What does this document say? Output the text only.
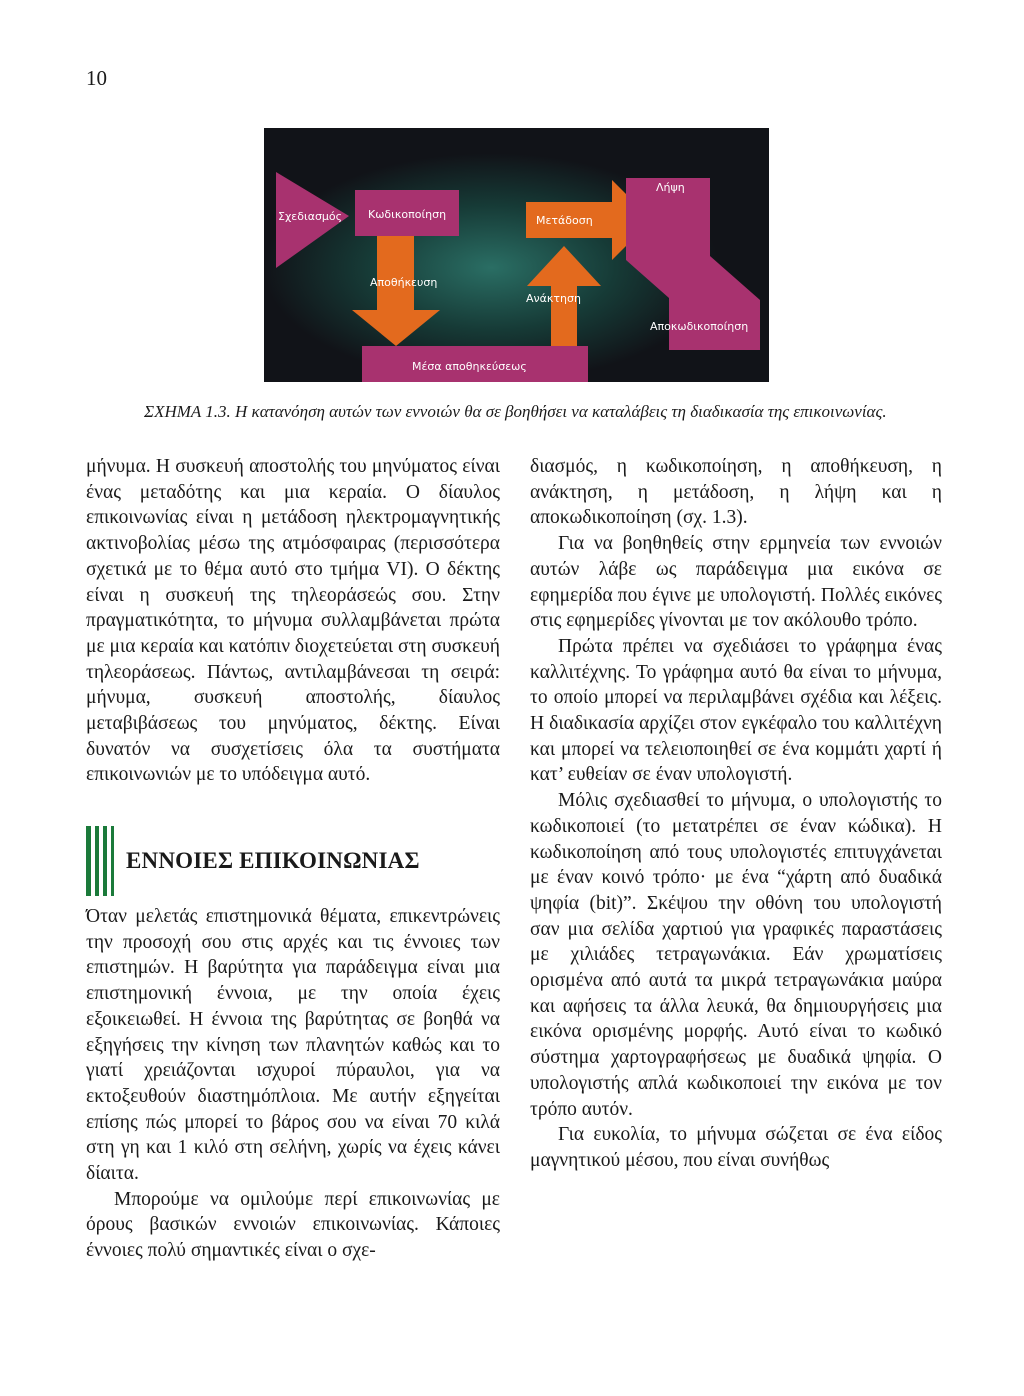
10
Σχεδιασμός Κωδικοποίηση	Μετάδοση
Λήψη
Αποθήκευση
Ανάκτηση
Αποκωδικοποίηση
Μέσα αποθηκεύσεως
ΣΧΗΜΑ 1.3. Η κατανόηση αυτών των εννοιών θα σε βοηθήσει να καταλάβεις τη διαδικασία της επικοινωνίας.

μήνυμα. Η συσκευή αποστολής του μηνύματος είναι ένας μεταδότης και μια κεραία. Ο δίαυλος επικοινωνίας είναι η μετάδοση ηλεκτρομαγνητικής ακτινοβολίας μέσω της ατμόσφαιρας (περισσότερα σχετικά με το θέμα αυτό στο τμήμα VI). Ο δέκτης είναι η συσκευή της τηλεοράσεώς σου. Στην πραγματικότητα, το μήνυμα συλλαμβάνεται πρώτα με μια κεραία και κατόπιν διοχετεύεται στη συσκευή τηλεοράσεως. Πάντως, αντιλαμβάνεσαι τη σειρά: μήνυμα, συσκευή αποστολής, δίαυλος μεταβιβάσεως του μηνύματος, δέκτης. Είναι δυνατόν να συσχετίσεις όλα τα συστήματα επικοινωνιών με το υπόδειγμα αυτό.

ΕΝΝΟΙΕΣ ΕΠΙΚΟΙΝΩΝΙΑΣ

Όταν μελετάς επιστημονικά θέματα, επικεντρώνεις την προσοχή σου στις αρχές και τις έννοιες των επιστημών. Η βαρύτητα για παράδειγμα είναι μια επιστημονική έννοια, με την οποία έχεις εξοικειωθεί. Η έννοια της βαρύτητας σε βοηθά να εξηγήσεις την κίνηση των πλανητών καθώς και το γιατί χρειάζονται ισχυροί πύραυλοι, για να εκτοξευθούν διαστημόπλοια. Με αυτήν εξηγείται επίσης πώς μπορεί το βάρος σου να είναι 70 κιλά στη γη και 1 κιλό στη σελήνη, χωρίς να έχεις κάνει δίαιτα.

Μπορούμε να ομιλούμε περί επικοινωνίας με όρους βασικών εννοιών επικοινωνίας. Κάποιες έννοιες πολύ σημαντικές είναι ο σχε-

διασμός, η κωδικοποίηση, η αποθήκευση, η ανάκτηση, η μετάδοση, η λήψη και η αποκωδικοποίηση (σχ. 1.3).

Για να βοηθηθείς στην ερμηνεία των εννοιών αυτών λάβε ως παράδειγμα μια εικόνα σε εφημερίδα που έγινε με υπολογιστή. Πολλές εικόνες στις εφημερίδες γίνονται με τον ακόλουθο τρόπο.

Πρώτα πρέπει να σχεδιάσει το γράφημα ένας καλλιτέχνης. Το γράφημα αυτό θα είναι το μήνυμα, το οποίο μπορεί να περιλαμβάνει σχέδια και λέξεις. Η διαδικασία αρχίζει στον εγκέφαλο του καλλιτέχνη και μπορεί να τελειοποιηθεί σε ένα κομμάτι χαρτί ή κατ’ ευθείαν σε έναν υπολογιστή.

Μόλις σχεδιασθεί το μήνυμα, ο υπολογιστής το κωδικοποιεί (το μετατρέπει σε έναν κώδικα). Η κωδικοποίηση από τους υπολογιστές επιτυγχάνεται με έναν κοινό τρόπο· με ένα “χάρτη από δυαδικά ψηφία (bit)”. Σκέψου την οθόνη του υπολογιστή σαν μια σελίδα χαρτιού για γραφικές παραστάσεις με χιλιάδες τετραγωνάκια. Εάν χρωματίσεις ορισμένα από αυτά τα μικρά τετραγωνάκια μαύρα και αφήσεις τα άλλα λευκά, θα δημιουργήσεις μια εικόνα ορισμένης μορφής. Αυτό είναι το κωδικό σύστημα χαρτογραφήσεως με δυαδικά ψηφία. Ο υπολογιστής απλά κωδικοποιεί την εικόνα με τον τρόπο αυτόν.

Για ευκολία, το μήνυμα σώζεται σε ένα είδος μαγνητικού μέσου, που είναι συνήθως
